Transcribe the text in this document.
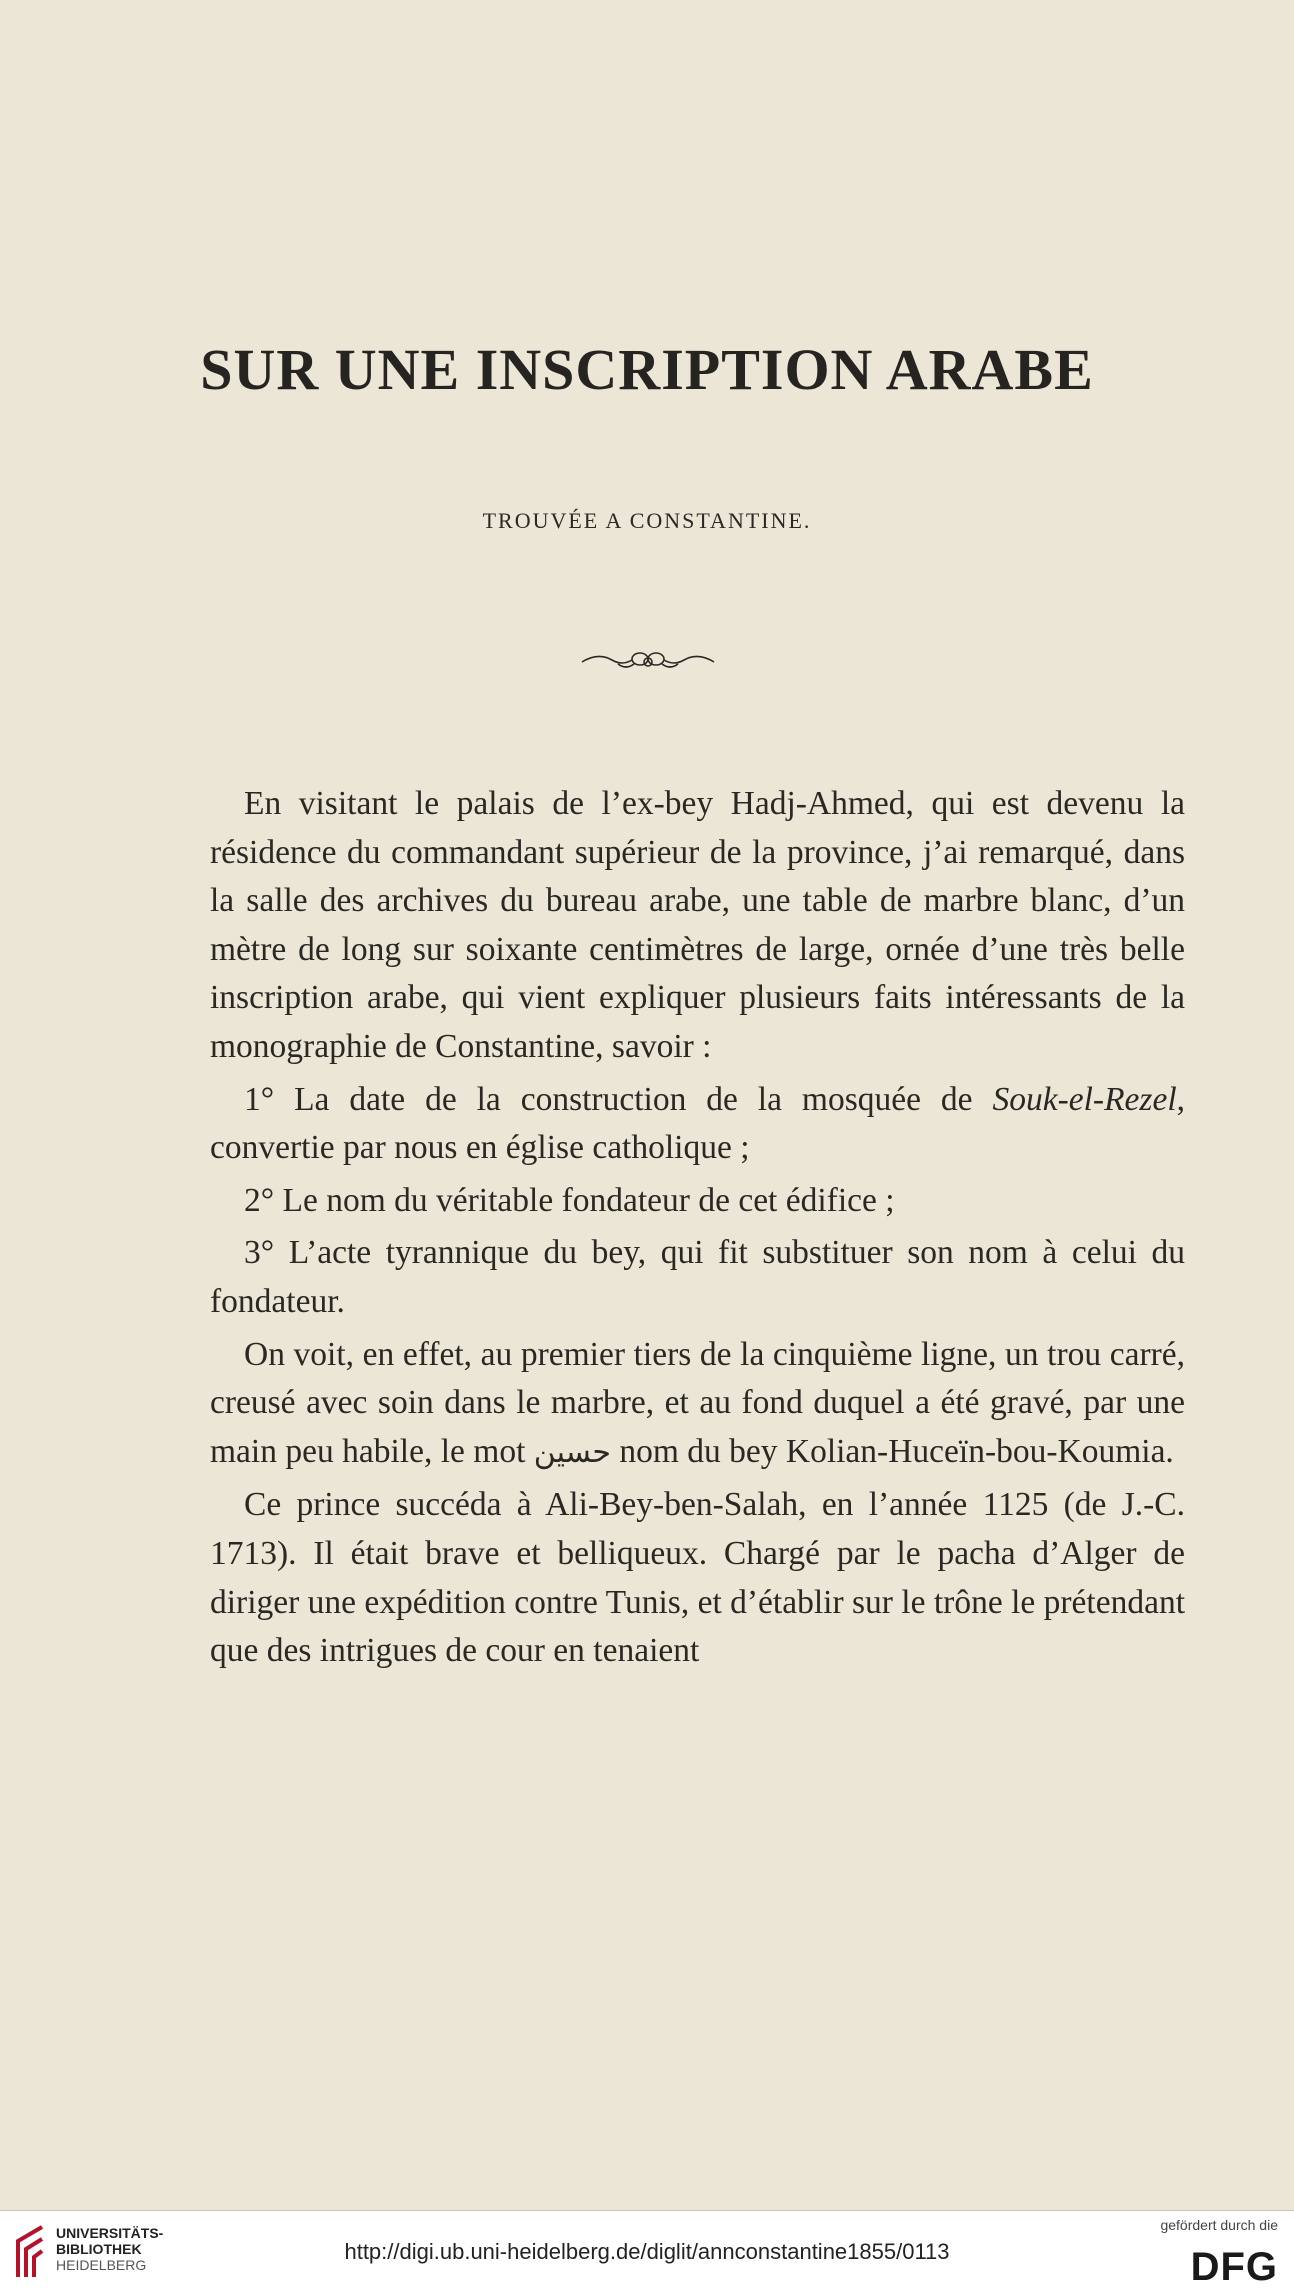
SUR UNE INSCRIPTION ARABE
TROUVÉE A CONSTANTINE.

En visitant le palais de l’ex-bey Hadj-Ahmed, qui est devenu la résidence du commandant supérieur de la province, j’ai remarqué, dans la salle des archives du bureau arabe, une table de marbre blanc, d’un mètre de long sur soixante centimètres de large, ornée d’une très belle inscription arabe, qui vient expliquer plusieurs faits intéressants de la monographie de Constantine, savoir :

1° La date de la construction de la mosquée de Souk-el-Rezel, convertie par nous en église catholique ;

2° Le nom du véritable fondateur de cet édifice ;

3° L’acte tyrannique du bey, qui fit substituer son nom à celui du fondateur.

On voit, en effet, au premier tiers de la cinquième ligne, un trou carré, creusé avec soin dans le marbre, et au fond duquel a été gravé, par une main peu habile, le mot حسين nom du bey Kolian-Huceïn-bou-Koumia.

Ce prince succéda à Ali-Bey-ben-Salah, en l’année 1125 (de J.-C. 1713). Il était brave et belliqueux. Chargé par le pacha d’Alger de diriger une expédition contre Tunis, et d’établir sur le trône le prétendant que des intrigues de cour en tenaient

UNIVERSITÄTS-
BIBLIOTHEK
HEIDELBERG
http://digi.ub.uni-heidelberg.de/diglit/annconstantine1855/0113
gefördert durch die
DFG
